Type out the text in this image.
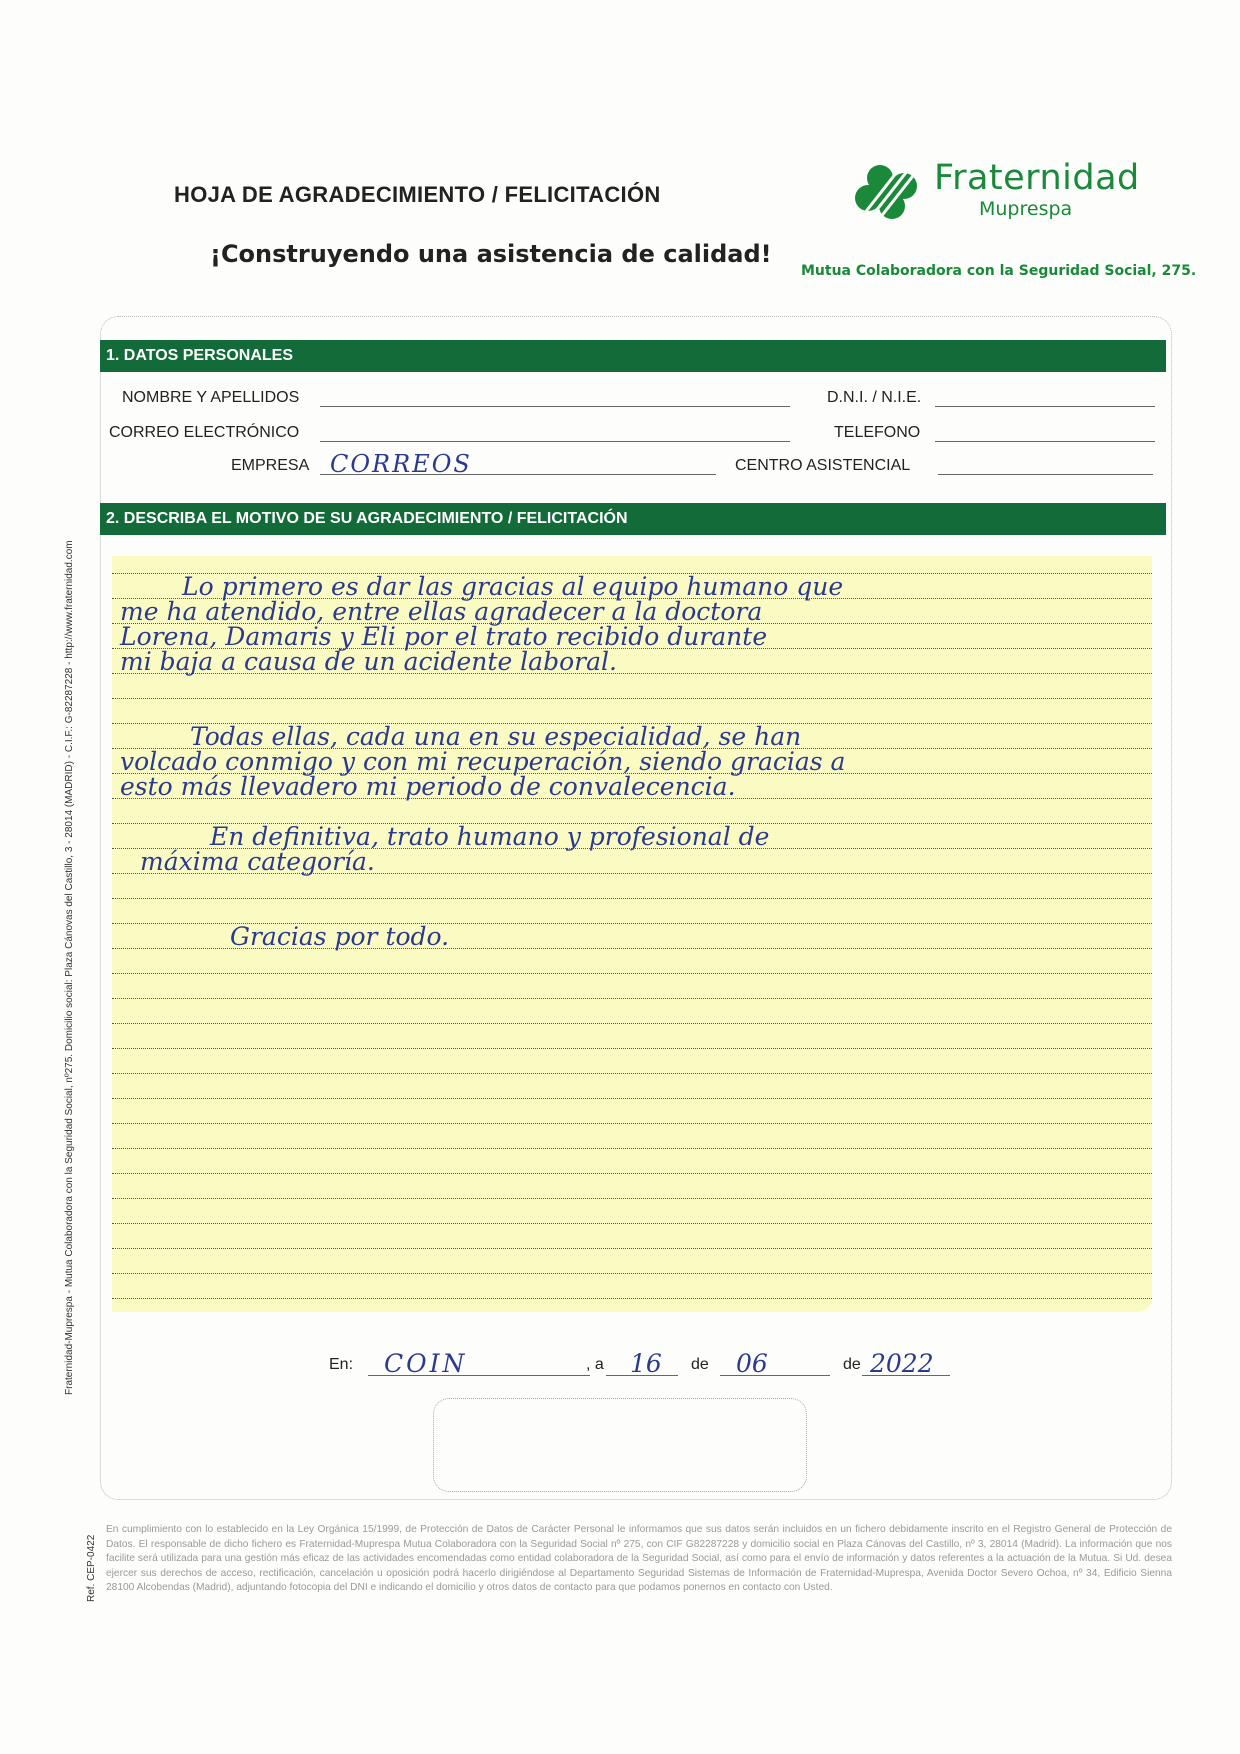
HOJA DE AGRADECIMIENTO / FELICITACIÓN
¡Construyendo una asistencia de calidad!
Fraternidad
Muprespa
Mutua Colaboradora con la Seguridad Social, 275.
1. DATOS PERSONALES
NOMBRE Y APELLIDOS	D.N.I. / N.I.E.
CORREO ELECTRÓNICO	TELEFONO
EMPRESA CORREOS	CENTRO ASISTENCIAL
2. DESCRIBA EL MOTIVO DE SU AGRADECIMIENTO / FELICITACIÓN
Lo primero es dar las gracias al equipo humano que
me ha atendido, entre ellas agradecer a la doctora
Lorena, Damaris y Eli por el trato recibido durante
mi baja a causa de un acidente laboral.
Todas ellas, cada una en su especialidad, se han
volcado conmigo y con mi recuperación, siendo gracias a
esto más llevadero mi periodo de convalecencia.
En definitiva, trato humano y profesional de
máxima categoría.
Gracias por todo.
En: COIN	, a 16 de 06	de 2022
Fraternidad-Muprespa - Mutua Colaboradora con la Seguridad Social, nº275. Domicilio social: Plaza Cánovas del Castillo, 3 - 28014 (MADRID) - C.I.F.: G-82287228 - http://www.fraternidad.com
Ref. CEP-0422
En cumplimiento con lo establecido en la Ley Orgánica 15/1999, de Protección de Datos de Carácter Personal le informamos que sus datos serán incluidos en un fichero debidamente inscrito en el Registro General de Protección de Datos. El responsable de dicho fichero es Fraternidad-Muprespa Mutua Colaboradora con la Seguridad Social nº 275, con CIF G82287228 y domicilio social en Plaza Cánovas del Castillo, nº 3, 28014 (Madrid). La información que nos facilite será utilizada para una gestión más eficaz de las actividades encomendadas como entidad colaboradora de la Seguridad Social, así como para el envío de información y datos referentes a la actuación de la Mutua. Si Ud. desea ejercer sus derechos de acceso, rectificación, cancelación u oposición podrá hacerlo dirigiéndose al Departamento Seguridad Sistemas de Información de Fraternidad-Muprespa, Avenida Doctor Severo Ochoa, nº 34, Edificio Sienna 28100 Alcobendas (Madrid), adjuntando fotocopia del DNI e indicando el domicilio y otros datos de contacto para que podamos ponernos en contacto con Usted.
